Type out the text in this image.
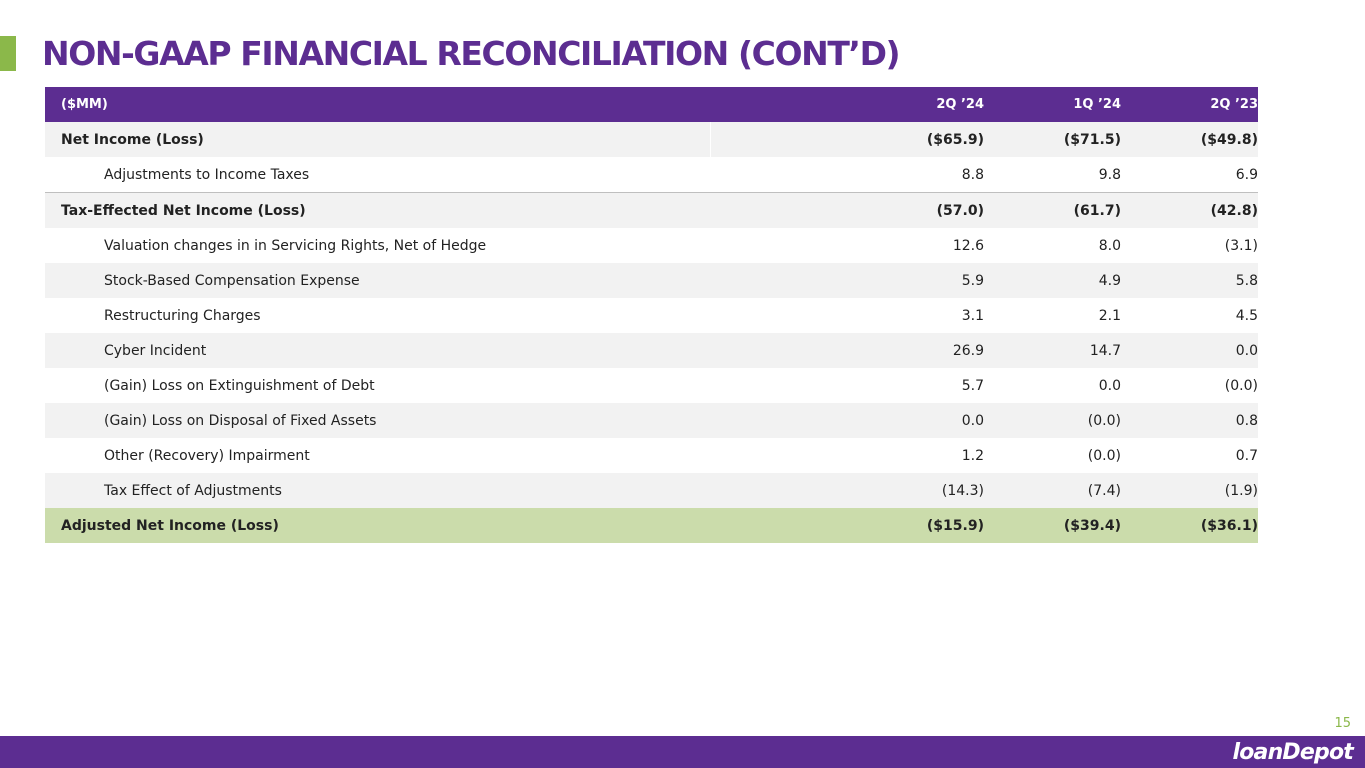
NON-GAAP FINANCIAL RECONCILIATION (CONT’D)
($MM)	2Q ’24	1Q ’24	2Q ’23
Net Income (Loss)	($65.9)	($71.5)	($49.8)
Adjustments to Income Taxes	8.8	9.8	6.9
Tax-Effected Net Income (Loss)	(57.0)	(61.7)	(42.8)
Valuation changes in in Servicing Rights, Net of Hedge	12.6	8.0	(3.1)
Stock-Based Compensation Expense	5.9	4.9	5.8
Restructuring Charges	3.1	2.1	4.5
Cyber Incident	26.9	14.7	0.0
(Gain) Loss on Extinguishment of Debt	5.7	0.0	(0.0)
(Gain) Loss on Disposal of Fixed Assets	0.0	(0.0)	0.8
Other (Recovery) Impairment	1.2	(0.0)	0.7
Tax Effect of Adjustments	(14.3)	(7.4)	(1.9)
Adjusted Net Income (Loss)	($15.9)	($39.4)	($36.1)
15
loanDepot
